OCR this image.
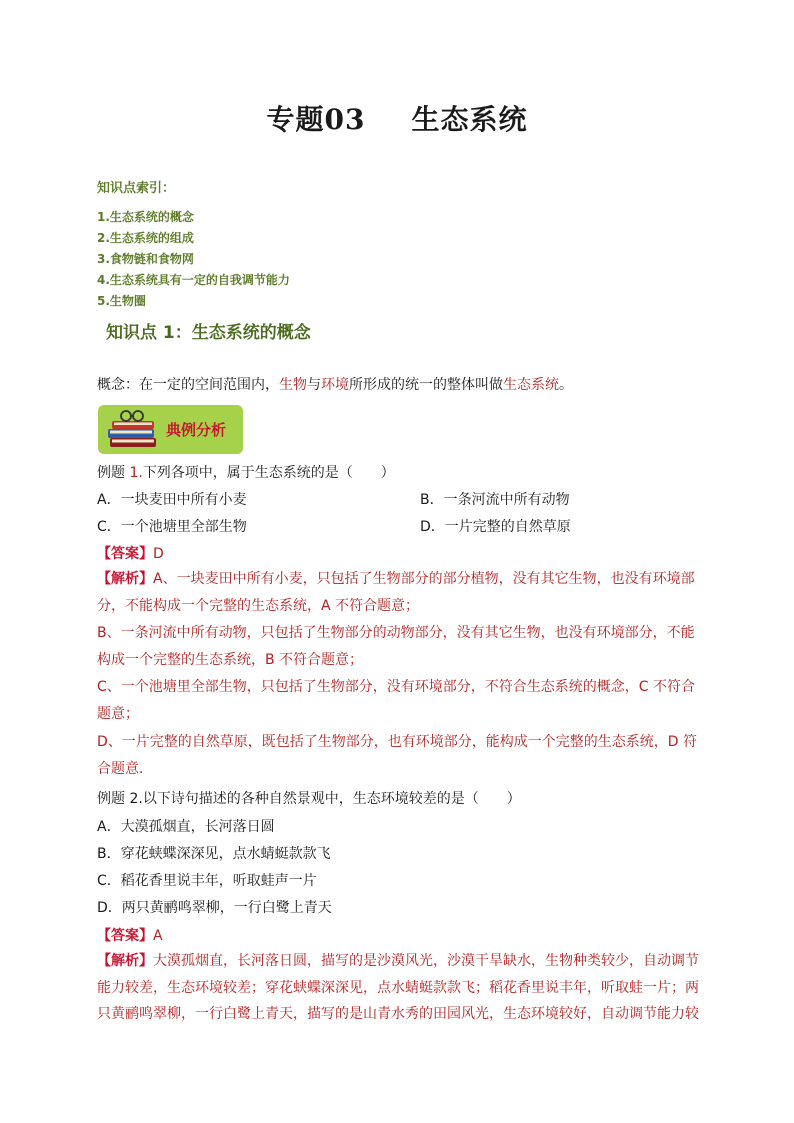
专题03 生态系统
知识点索引：
1.生态系统的概念
2.生态系统的组成
3.食物链和食物网
4.生态系统具有一定的自我调节能力
5.生物圈
知识点 1：生态系统的概念
概念：在一定的空间范围内，生物与环境所形成的统一的整体叫做生态系统。
典例分析
例题 1.下列各项中，属于生态系统的是（　　）
A．一块麦田中所有小麦	B．一条河流中所有动物
C．一个池塘里全部生物	D．一片完整的自然草原
【答案】D
【解析】A、一块麦田中所有小麦，只包括了生物部分的部分植物，没有其它生物，也没有环境部分，不能构成一个完整的生态系统，A 不符合题意；
B、一条河流中所有动物，只包括了生物部分的动物部分，没有其它生物，也没有环境部分，不能构成一个完整的生态系统，B 不符合题意；
C、一个池塘里全部生物，只包括了生物部分，没有环境部分，不符合生态系统的概念，C 不符合题意；
D、一片完整的自然草原，既包括了生物部分，也有环境部分，能构成一个完整的生态系统，D 符合题意.
例题 2.以下诗句描述的各种自然景观中，生态环境较差的是（　　）
A．大漠孤烟直，长河落日圆
B．穿花蛱蝶深深见，点水蜻蜓款款飞
C．稻花香里说丰年，听取蛙声一片
D．两只黄鹂鸣翠柳，一行白鹭上青天
【答案】A
【解析】大漠孤烟直，长河落日圆，描写的是沙漠风光，沙漠干旱缺水，生物种类较少，自动调节能力较差，生态环境较差；穿花蛱蝶深深见，点水蜻蜓款款飞；稻花香里说丰年，听取蛙一片；两只黄鹂鸣翠柳，一行白鹭上青天，描写的是山青水秀的田园风光，生态环境较好，自动调节能力较
